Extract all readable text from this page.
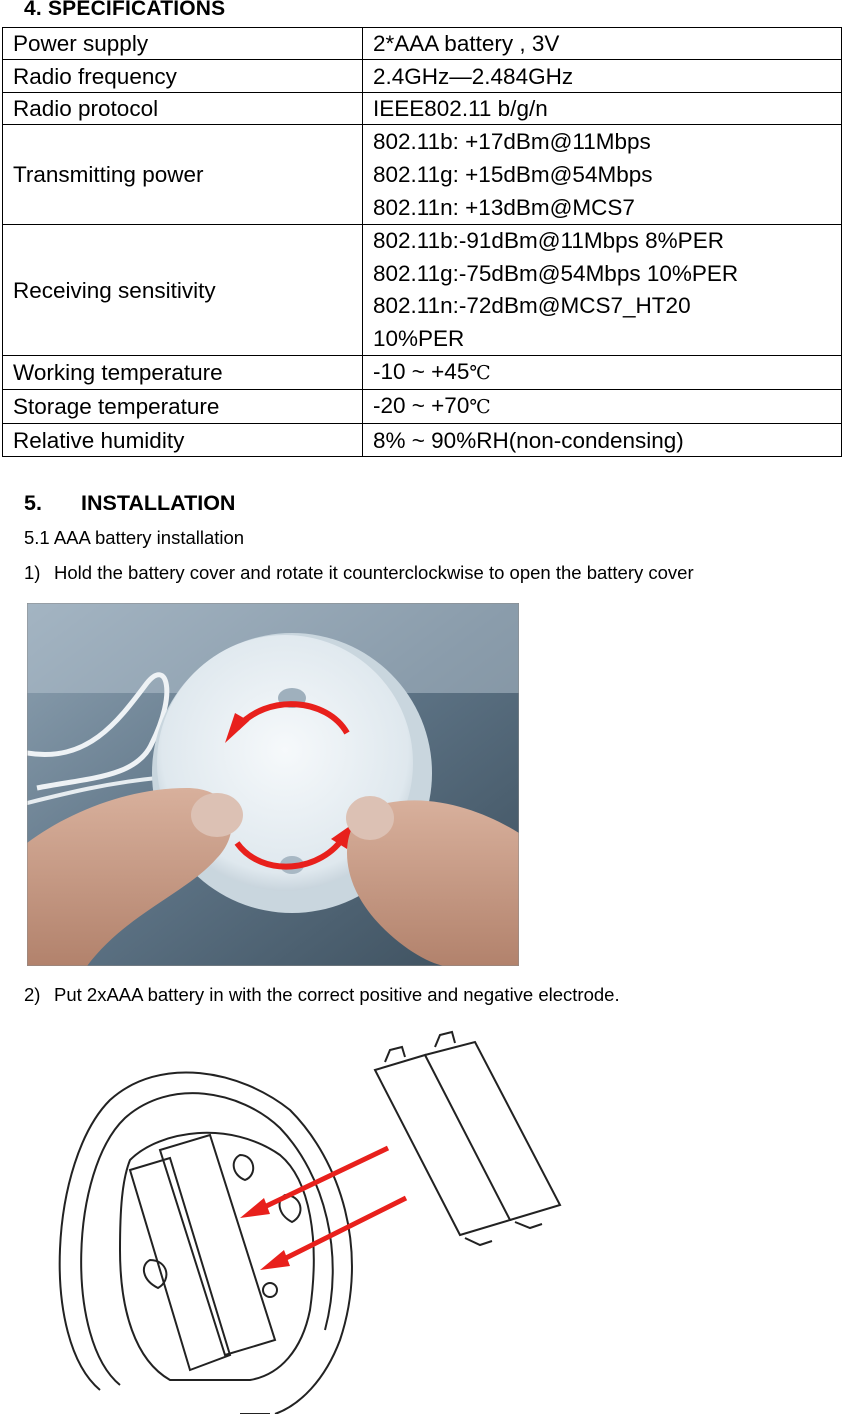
4. SPECIFICATIONS

Power supply	2*AAA battery , 3V
Radio frequency	2.4GHz—2.484GHz
Radio protocol	IEEE802.11 b/g/n
Transmitting power	802.11b: +17dBm@11Mbps
802.11g: +15dBm@54Mbps
802.11n: +13dBm@MCS7

Receiving sensitivity	802.11b:-91dBm@11Mbps 8%PER
802.11g:-75dBm@54Mbps 10%PER
802.11n:-72dBm@MCS7_HT20
10%PER

Working temperature	-10 ~ +45℃
Storage temperature	-20 ~ +70℃
Relative humidity	8% ~ 90%RH(non-condensing)

5. INSTALLATION

5.1 AAA battery installation

1) Hold the battery cover and rotate it counterclockwise to open the battery cover

2) Put 2xAAA battery in with the correct positive and negative electrode.
